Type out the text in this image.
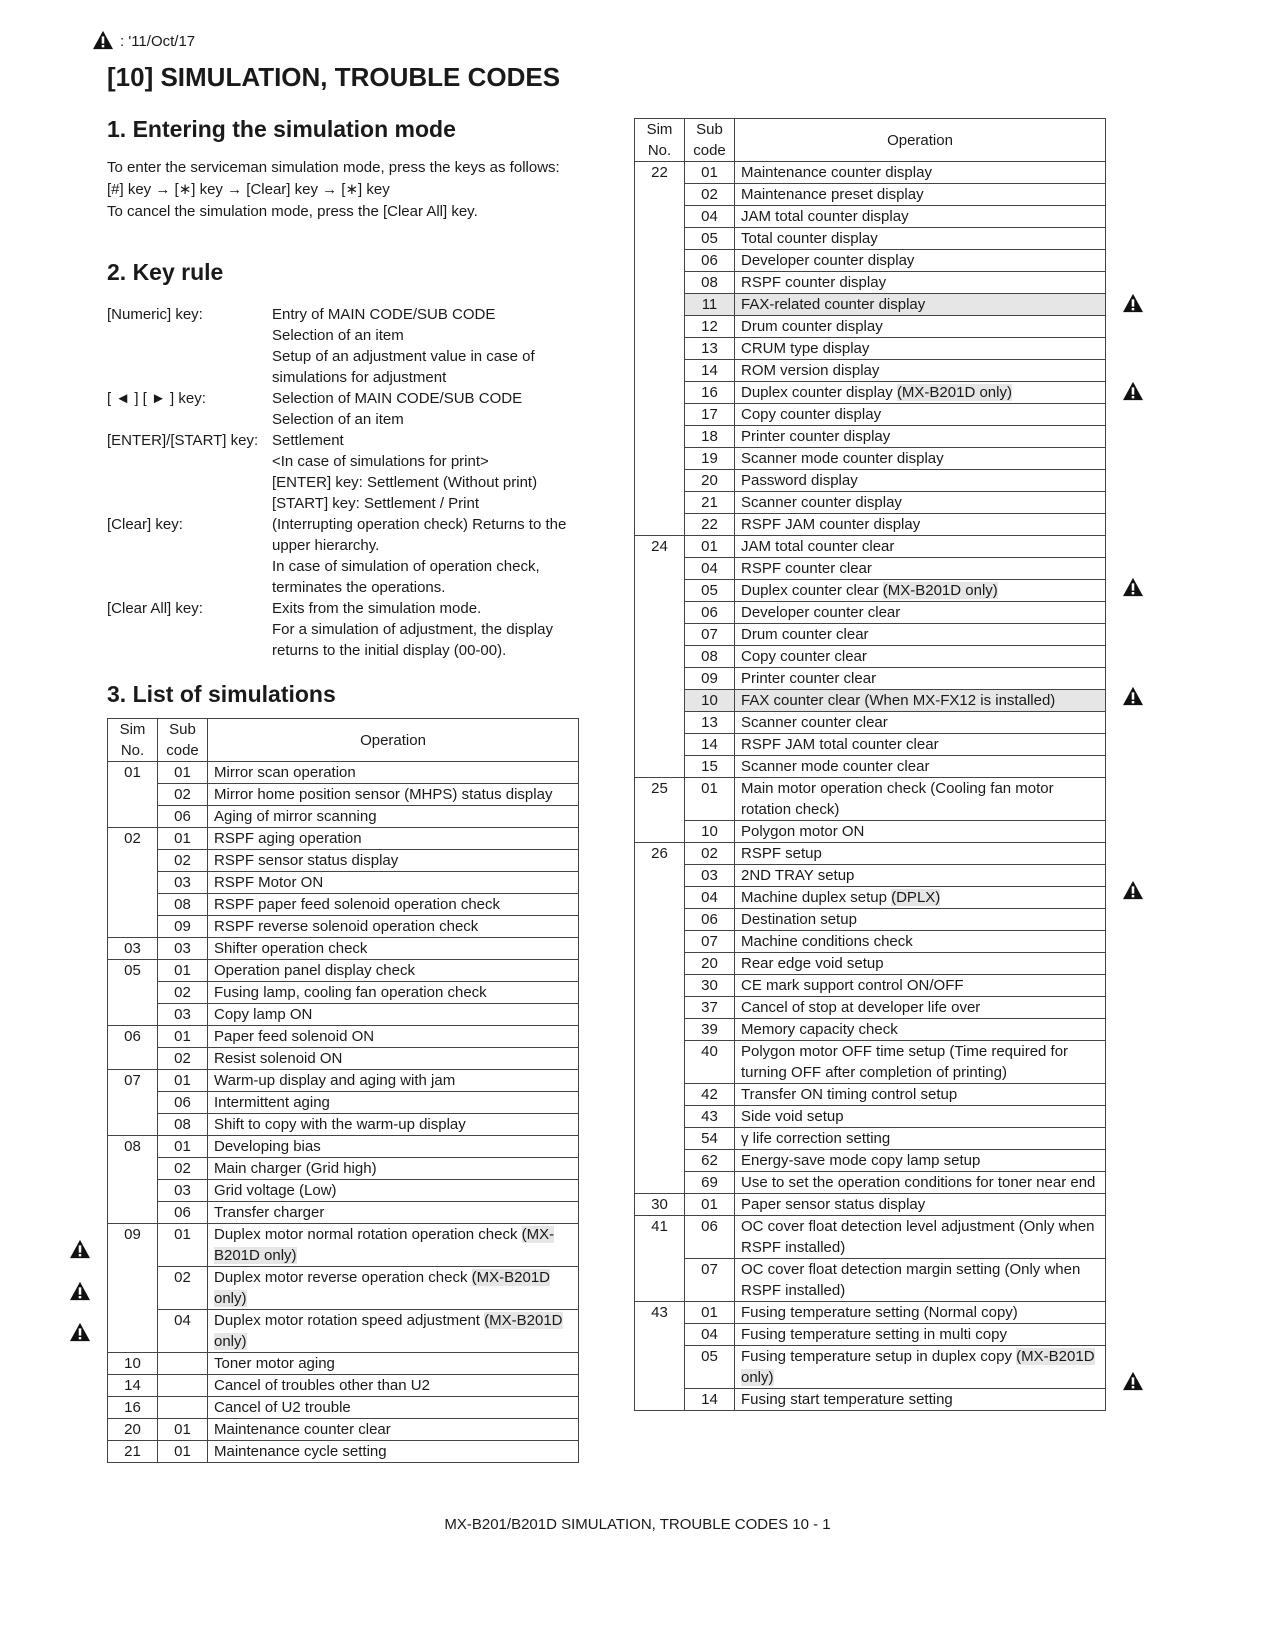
: '11/Oct/17
[10] SIMULATION, TROUBLE CODES
1. Entering the simulation mode

To enter the serviceman simulation mode, press the keys as follows:

[#] key → [∗] key → [Clear] key → [∗] key

To cancel the simulation mode, press the [Clear All] key.

2. Key rule
[Numeric] key:	Entry of MAIN CODE/SUB CODE
Selection of an item
Setup of an adjustment value in case of simulations for adjustment
[ ◄ ] [ ► ] key:	Selection of MAIN CODE/SUB CODE
Selection of an item
[ENTER]/[START] key: Settlement
<In case of simulations for print>
[ENTER] key: Settlement (Without print)
[START] key: Settlement / Print
[Clear] key:	(Interrupting operation check) Returns to the upper hierarchy.
In case of simulation of operation check, terminates the operations.
[Clear All] key:	Exits from the simulation mode.
For a simulation of adjustment, the display returns to the initial display (00-00).
3. List of simulations
Sim No.	Sub code	Operation
01	01	Mirror scan operation
	02	Mirror home position sensor (MHPS) status display
	06	Aging of mirror scanning
02	01	RSPF aging operation
	02	RSPF sensor status display
	03	RSPF Motor ON
	08	RSPF paper feed solenoid operation check
	09	RSPF reverse solenoid operation check
03	03	Shifter operation check
05	01	Operation panel display check
	02	Fusing lamp, cooling fan operation check
	03	Copy lamp ON
06	01	Paper feed solenoid ON
	02	Resist solenoid ON
07	01	Warm-up display and aging with jam
	06	Intermittent aging
	08	Shift to copy with the warm-up display
08	01	Developing bias
	02	Main charger (Grid high)
	03	Grid voltage (Low)
	06	Transfer charger
09	01	Duplex motor normal rotation operation check (MX-B201D only)
	02	Duplex motor reverse operation check (MX-B201D only)
	04	Duplex motor rotation speed adjustment (MX-B201D only)
10		Toner motor aging
14		Cancel of troubles other than U2
16		Cancel of U2 trouble
20	01	Maintenance counter clear
21	01	Maintenance cycle setting
Sim No.	Sub code	Operation
22	01	Maintenance counter display
	02	Maintenance preset display
	04	JAM total counter display
	05	Total counter display
	06	Developer counter display
	08	RSPF counter display
	11	FAX-related counter display
	12	Drum counter display
	13	CRUM type display
	14	ROM version display
	16	Duplex counter display (MX-B201D only)
	17	Copy counter display
	18	Printer counter display
	19	Scanner mode counter display
	20	Password display
	21	Scanner counter display
	22	RSPF JAM counter display
24	01	JAM total counter clear
	04	RSPF counter clear
	05	Duplex counter clear (MX-B201D only)
	06	Developer counter clear
	07	Drum counter clear
	08	Copy counter clear
	09	Printer counter clear
	10	FAX counter clear (When MX-FX12 is installed)
	13	Scanner counter clear
	14	RSPF JAM total counter clear
	15	Scanner mode counter clear
25	01	Main motor operation check (Cooling fan motor rotation check)
	10	Polygon motor ON
26	02	RSPF setup
	03	2ND TRAY setup
	04	Machine duplex setup (DPLX)
	06	Destination setup
	07	Machine conditions check
	20	Rear edge void setup
	30	CE mark support control ON/OFF
	37	Cancel of stop at developer life over
	39	Memory capacity check
	40	Polygon motor OFF time setup (Time required for turning OFF after completion of printing)
	42	Transfer ON timing control setup
	43	Side void setup
	54	γ life correction setting
	62	Energy-save mode copy lamp setup
	69	Use to set the operation conditions for toner near end
30	01	Paper sensor status display
41	06	OC cover float detection level adjustment (Only when RSPF installed)
	07	OC cover float detection margin setting (Only when RSPF installed)
43	01	Fusing temperature setting (Normal copy)
	04	Fusing temperature setting in multi copy
	05	Fusing temperature setup in duplex copy (MX-B201D only)
	14	Fusing start temperature setting
MX-B201/B201D SIMULATION, TROUBLE CODES 10 - 1
